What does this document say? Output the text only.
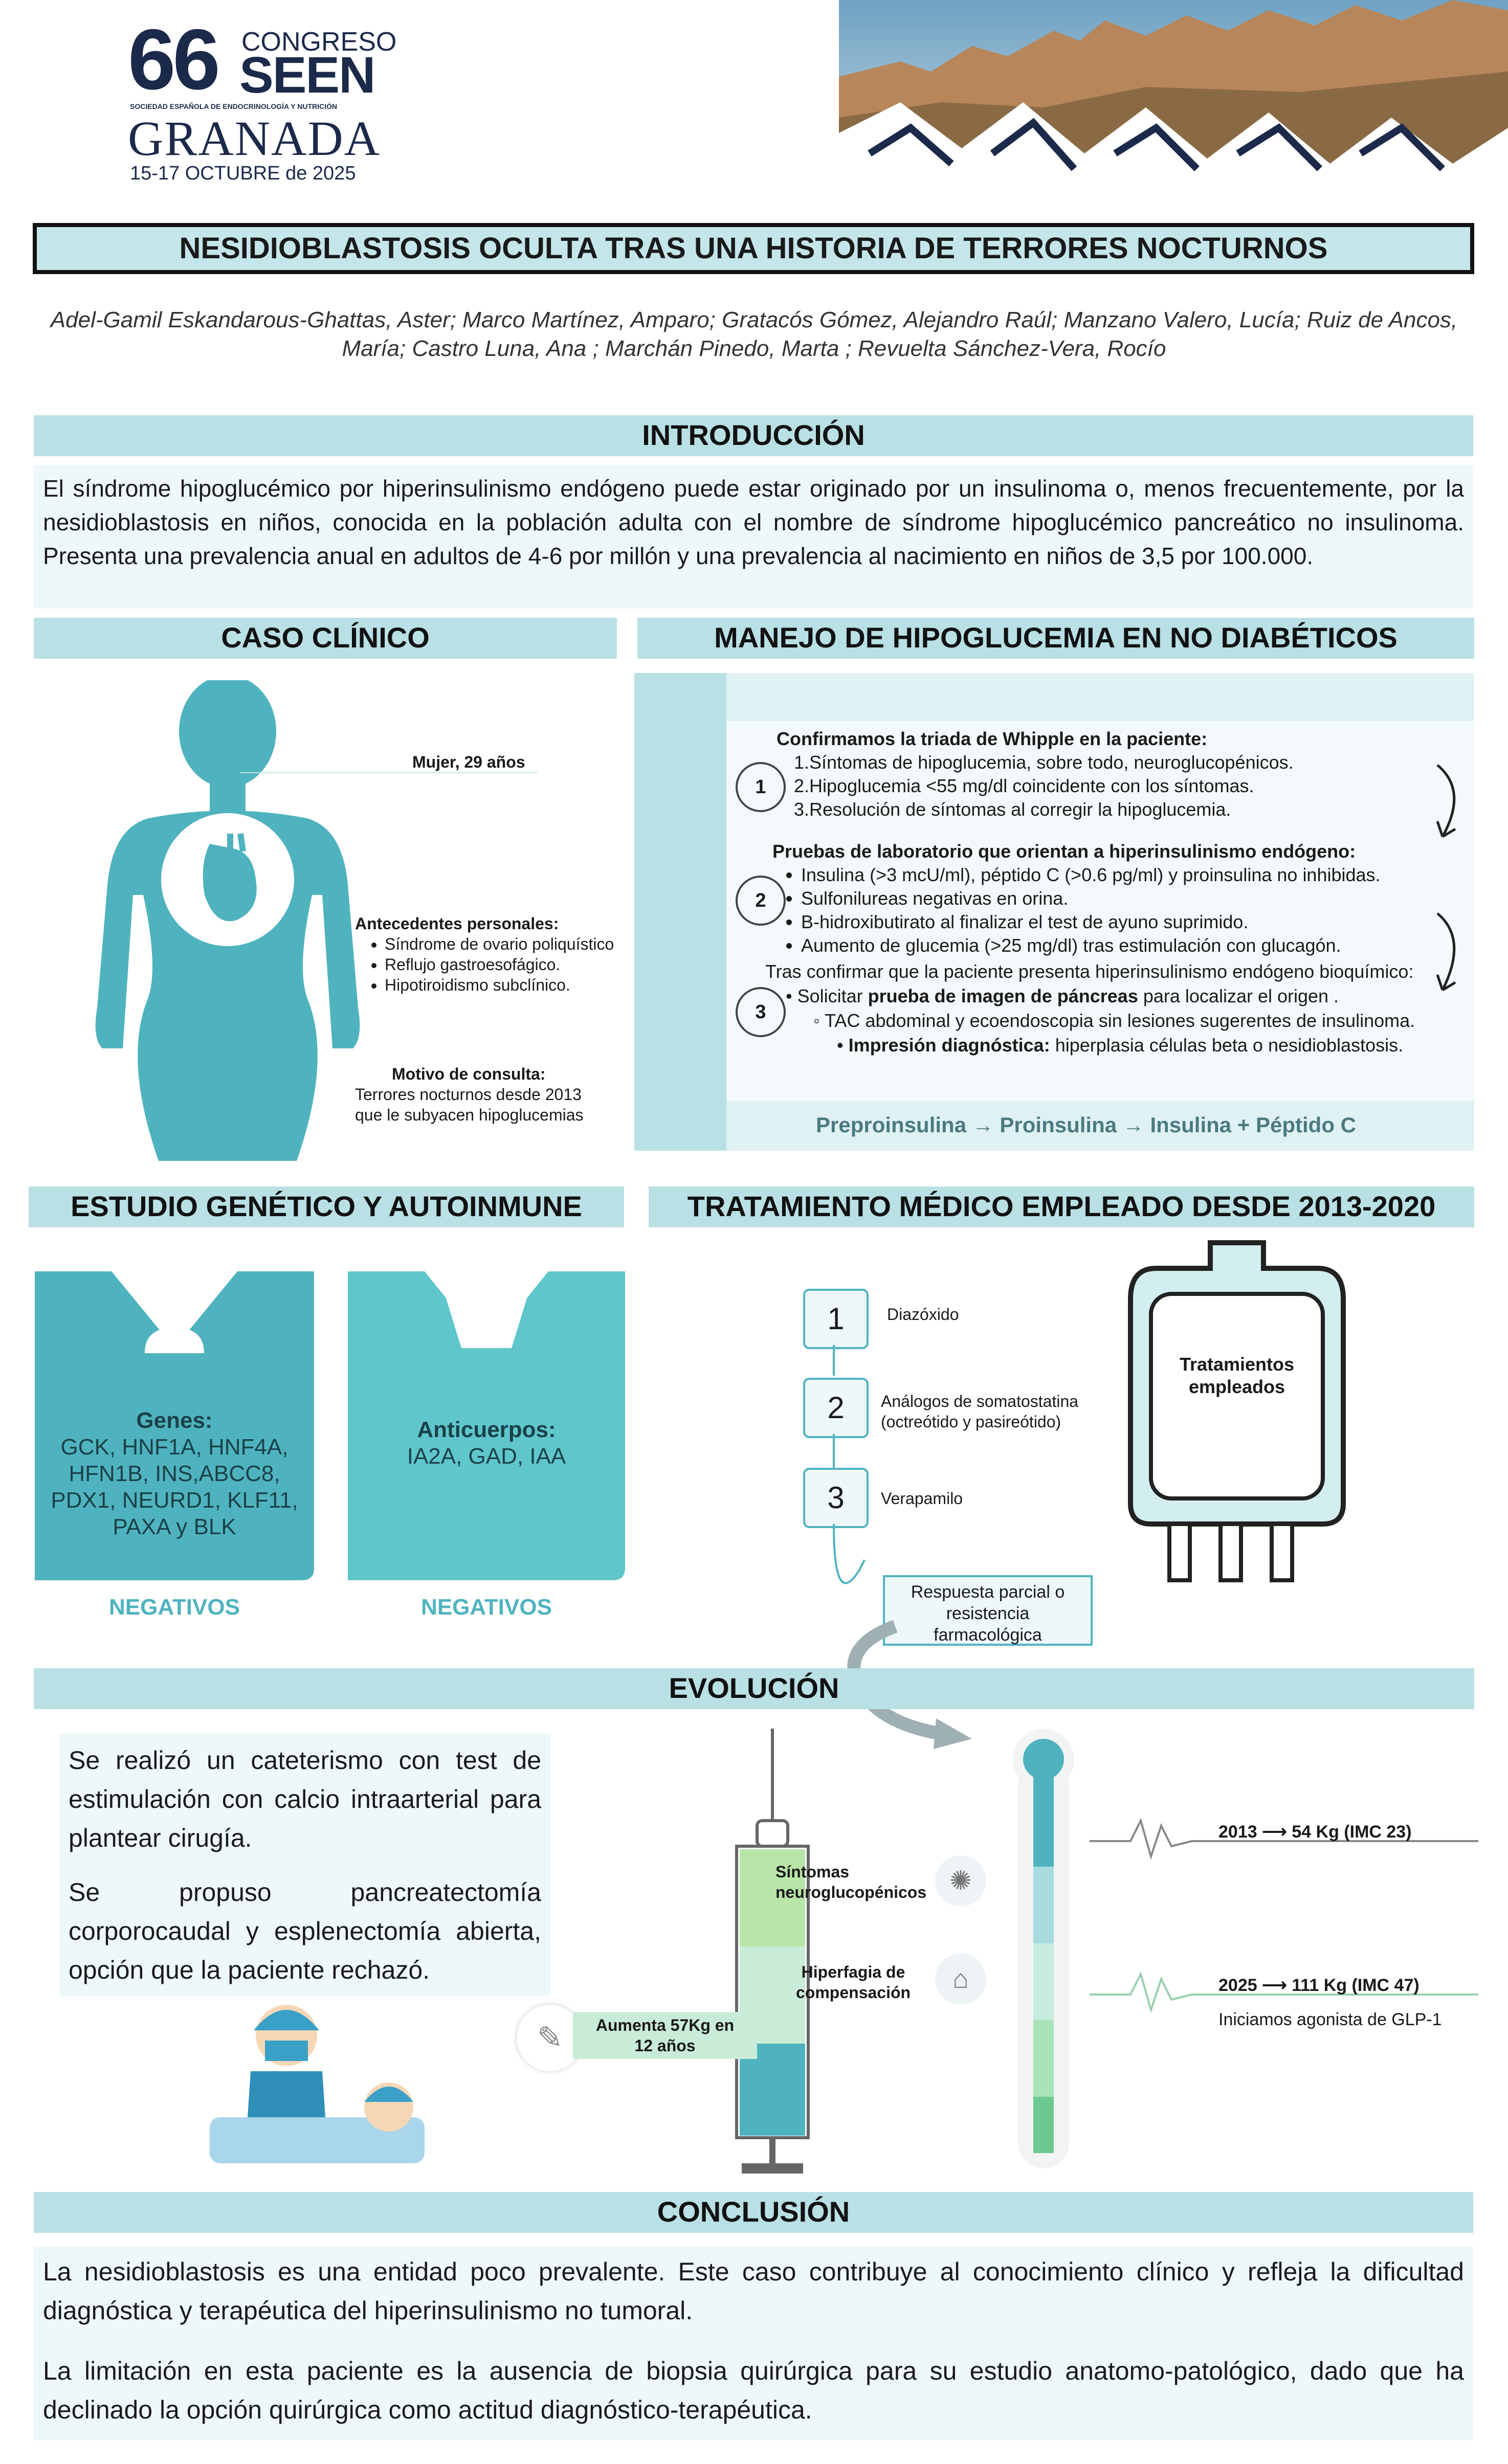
66 CONGRESO
SEEN
SOCIEDAD ESPAÑOLA DE ENDOCRINOLOGÍA Y NUTRICIÓN
GRANADA
15-17 OCTUBRE de 2025
NESIDIOBLASTOSIS OCULTA TRAS UNA HISTORIA DE TERRORES NOCTURNOS
Adel-Gamil Eskandarous-Ghattas, Aster; Marco Martínez, Amparo; Gratacós Gómez, Alejandro Raúl; Manzano Valero, Lucía; Ruiz de Ancos,
María; Castro Luna, Ana ; Marchán Pinedo, Marta ; Revuelta Sánchez-Vera, Rocío
INTRODUCCIÓN
El síndrome hipoglucémico por hiperinsulinismo endógeno puede estar originado por un insulinoma o, menos frecuentemente, por la nesidioblastosis en niños, conocida en la población adulta con el nombre de síndrome hipoglucémico pancreático no insulinoma. Presenta una prevalencia anual en adultos de 4-6 por millón y una prevalencia al nacimiento en niños de 3,5 por 100.000.
CASO CLÍNICO
Mujer, 29 años
Antecedentes personales:
• Síndrome de ovario poliquístico
• Reflujo gastroesofágico.
• Hipotiroidismo subclínico.
Motivo de consulta:
Terrores nocturnos desde 2013
que le subyacen hipoglucemias
MANEJO DE HIPOGLUCEMIA EN NO DIABÉTICOS
1
Confirmamos la triada de Whipple en la paciente:
1.Síntomas de hipoglucemia, sobre todo, neuroglucopénicos.
2.Hipoglucemia <55 mg/dl coincidente con los síntomas.
3.Resolución de síntomas al corregir la hipoglucemia.
2
Pruebas de laboratorio que orientan a hiperinsulinismo endógeno:
• Insulina (>3 mcU/ml), péptido C (>0.6 pg/ml) y proinsulina no inhibidas.
• Sulfonilureas negativas en orina.
• B-hidroxibutirato al finalizar el test de ayuno suprimido.
• Aumento de glucemia (>25 mg/dl) tras estimulación con glucagón.
3
Tras confirmar que la paciente presenta hiperinsulinismo endógeno bioquímico:
• Solicitar prueba de imagen de páncreas para localizar el origen .
◦ TAC abdominal y ecoendoscopia sin lesiones sugerentes de insulinoma.
• Impresión diagnóstica: hiperplasia células beta o nesidioblastosis.
Preproinsulina → Proinsulina → Insulina + Péptido C
ESTUDIO GENÉTICO Y AUTOINMUNE
Genes:
GCK, HNF1A, HNF4A,
HFN1B, INS,ABCC8,
PDX1, NEURD1, KLF11,
PAXA y BLK
NEGATIVOS
Anticuerpos:
IA2A, GAD, IAA
NEGATIVOS
TRATAMIENTO MÉDICO EMPLEADO DESDE 2013-2020
1	Diazóxido
2	Análogos de somatostatina
(octreótido y pasireótido)
3	Verapamilo
Respuesta parcial o
resistencia
farmacológica
Tratamientos
empleados
EVOLUCIÓN
Se realizó un cateterismo con test de estimulación con calcio intraarterial para plantear cirugía.
Se propuso pancreatectomía corporocaudal y esplenectomía abierta, opción que la paciente rechazó.
Síntomas
neuroglucopénicos
Hiperfagia de
compensación
✺
⌂
✎	Aumenta 57Kg en
12 años
2013 ⟶ 54 Kg (IMC 23)
2025 ⟶ 111 Kg (IMC 47)
Iniciamos agonista de GLP-1
CONCLUSIÓN
La nesidioblastosis es una entidad poco prevalente. Este caso contribuye al conocimiento clínico y refleja la dificultad diagnóstica y terapéutica del hiperinsulinismo no tumoral.
La limitación en esta paciente es la ausencia de biopsia quirúrgica para su estudio anatomo-patológico, dado que ha declinado la opción quirúrgica como actitud diagnóstico-terapéutica.
